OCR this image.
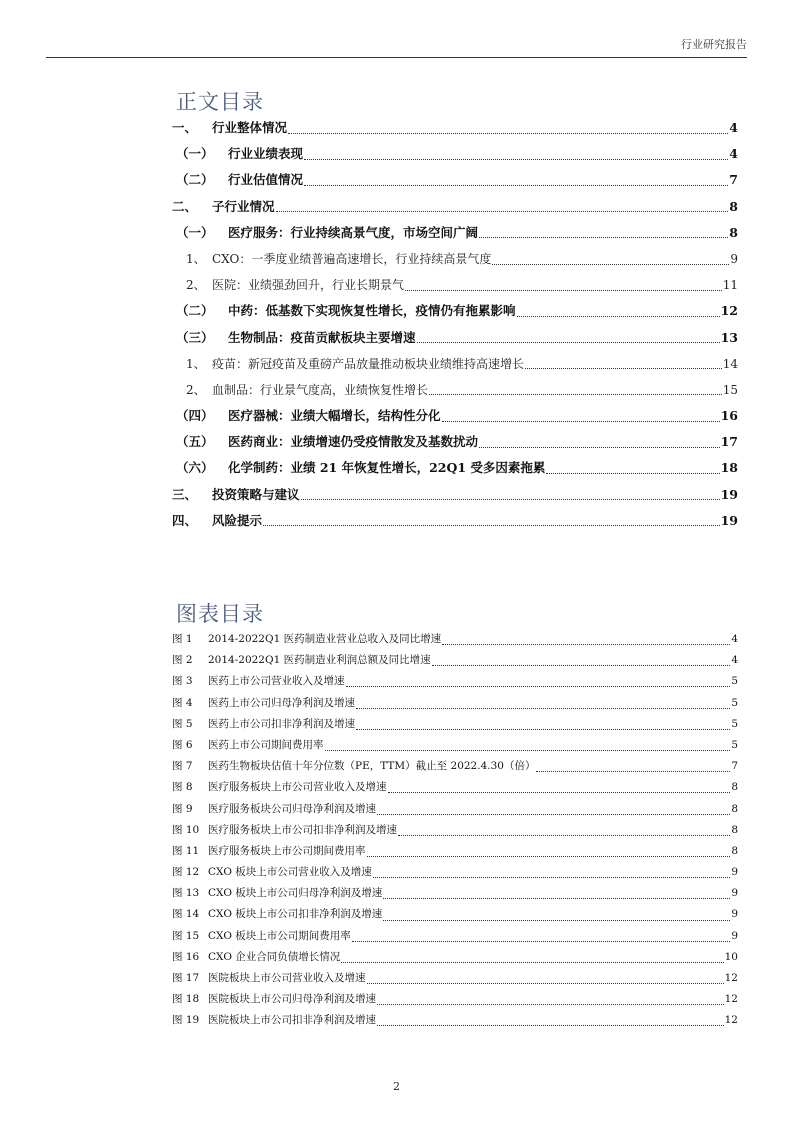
行业研究报告
正文目录
一、	行业整体情况	4
（一）	行业业绩表现	4
（二）	行业估值情况	7
二、	子行业情况	8
（一）	医疗服务：行业持续高景气度，市场空间广阔	8
1、 CXO：一季度业绩普遍高速增长，行业持续高景气度	9
2、 医院：业绩强劲回升，行业长期景气	11
（二）	中药：低基数下实现恢复性增长，疫情仍有拖累影响	12
（三）	生物制品：疫苗贡献板块主要增速	13
1、 疫苗：新冠疫苗及重磅产品放量推动板块业绩维持高速增长	14
2、 血制品：行业景气度高，业绩恢复性增长	15
（四）	医疗器械：业绩大幅增长，结构性分化	16
（五）	医药商业：业绩增速仍受疫情散发及基数扰动	17
（六）	化学制药：业绩 21 年恢复性增长，22Q1 受多因素拖累	18
三、	投资策略与建议	19
四、	风险提示	19
图表目录
图 1	2014-2022Q1 医药制造业营业总收入及同比增速	4
图 2	2014-2022Q1 医药制造业利润总额及同比增速	4
图 3	医药上市公司营业收入及增速	5
图 4	医药上市公司归母净利润及增速	5
图 5	医药上市公司扣非净利润及增速	5
图 6	医药上市公司期间费用率	5
图 7	医药生物板块估值十年分位数（PE，TTM）截止至 2022.4.30（倍）	7
图 8	医疗服务板块上市公司营业收入及增速	8
图 9	医疗服务板块公司归母净利润及增速	8
图 10 医疗服务板块上市公司扣非净利润及增速	8
图 11 医疗服务板块上市公司期间费用率	8
图 12 CXO 板块上市公司营业收入及增速	9
图 13 CXO 板块上市公司归母净利润及增速	9
图 14 CXO 板块上市公司扣非净利润及增速	9
图 15 CXO 板块上市公司期间费用率	9
图 16 CXO 企业合同负债增长情况	10
图 17 医院板块上市公司营业收入及增速	12
图 18 医院板块上市公司归母净利润及增速	12
图 19 医院板块上市公司扣非净利润及增速	12
2
